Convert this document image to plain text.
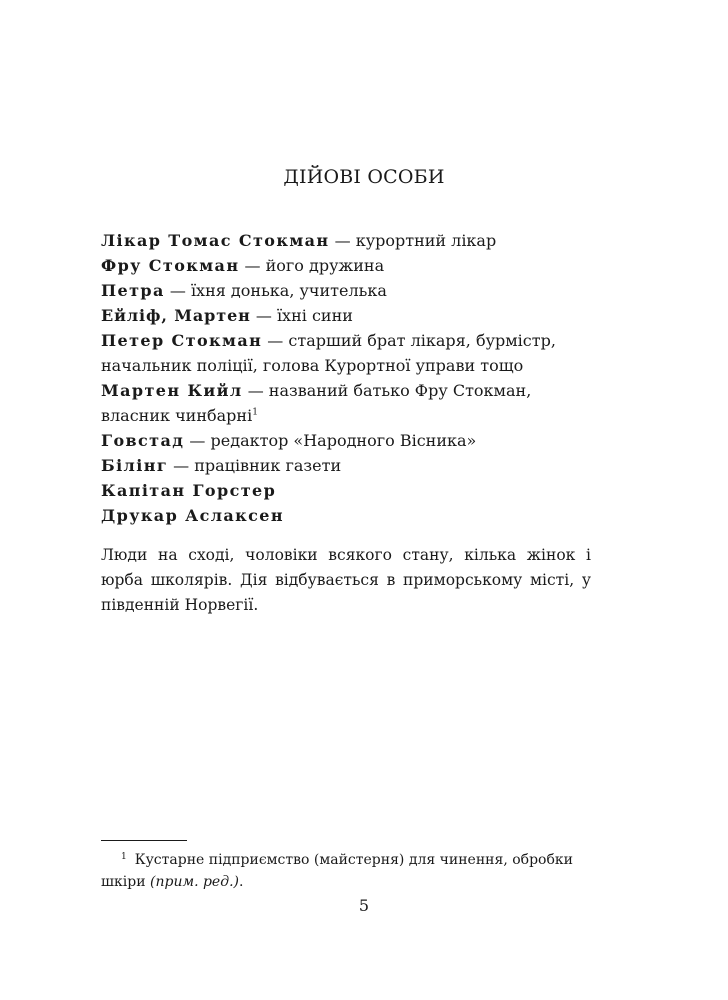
ДІЙОВІ ОСОБИ
Лікар Томас Стокман — курортний лікар
Фру Стокман — його дружина
Петра — їхня донька, учителька
Ейліф, Мартен — їхні сини
Петер Стокман — старший брат лікаря, бурмістр, начальник поліції, голова Курортної управи тощо
Мартен Кийл — названий батько Фру Стокман, власник чинбарні$^1$
Говстад — редактор «Народного Вісника»
Білінг — працівник газети
Капітан Горстер
Друкар Аслаксен
Люди на сході, чоловіки всякого стану, кілька жінок і юрба школярів. Дія відбувається в приморському місті, у південній Норвегії.
$^1$ Кустарне підприємство (майстерня) для чинення, обробки шкіри (прим. ред.).
5
